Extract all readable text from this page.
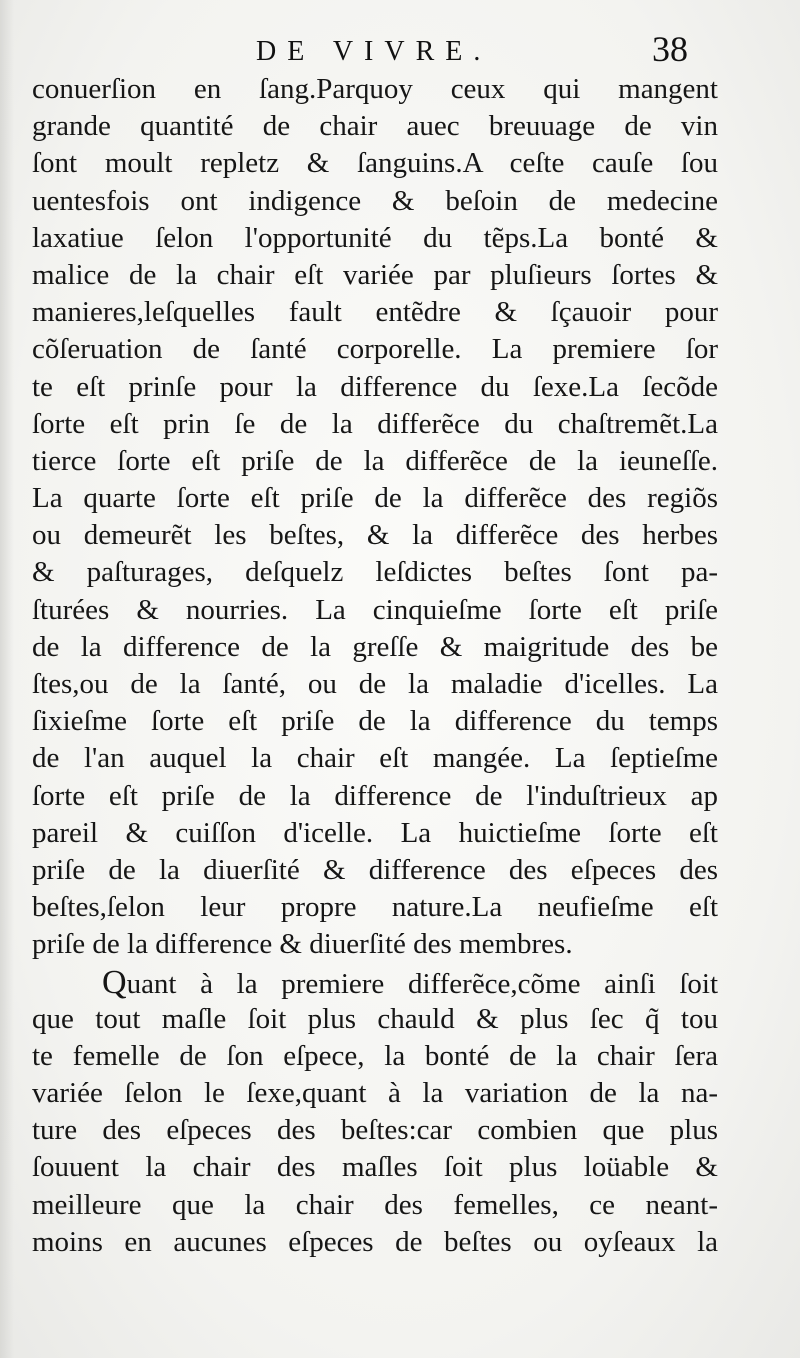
DE VIVRE.	38
conuerſion en ſang.Parquoy ceux qui mangent
grande quantité de chair auec breuuage de vin
ſont moult repletz & ſanguins.A ceſte cauſe ſou
uentesfois ont indigence & beſoin de medecine
laxatiue ſelon l'opportunité du tẽps.La bonté &
malice de la chair eſt variée par pluſieurs ſortes &
manieres,leſquelles fault entẽdre & ſçauoir pour
cõſeruation de ſanté corporelle. La premiere ſor
te eſt prinſe pour la difference du ſexe.La ſecõde
ſorte eſt prin ſe de la differẽce du chaſtremẽt.La
tierce ſorte eſt priſe de la differẽce de la ieuneſſe.
La quarte ſorte eſt priſe de la differẽce des regiõs
ou demeurẽt les beſtes, & la differẽce des herbes
& paſturages, deſquelz leſdictes beſtes ſont pa-
ſturées & nourries. La cinquieſme ſorte eſt priſe
de la difference de la greſſe & maigritude des be
ſtes,ou de la ſanté, ou de la maladie d'icelles. La
ſixieſme ſorte eſt priſe de la difference du temps
de l'an auquel la chair eſt mangée. La ſeptieſme
ſorte eſt priſe de la difference de l'induſtrieux ap
pareil & cuiſſon d'icelle. La huictieſme ſorte eſt
priſe de la diuerſité & difference des eſpeces des
beſtes,ſelon leur propre nature.La neufieſme eſt
priſe de la difference & diuerſité des membres.
Quant à la premiere differẽce,cõme ainſi ſoit
que tout maſle ſoit plus chauld & plus ſec q̃ tou
te femelle de ſon eſpece, la bonté de la chair ſera
variée ſelon le ſexe,quant à la variation de la na-
ture des eſpeces des beſtes:car combien que plus
ſouuent la chair des maſles ſoit plus loüable &
meilleure que la chair des femelles, ce neant-
moins en aucunes eſpeces de beſtes ou oyſeaux la
